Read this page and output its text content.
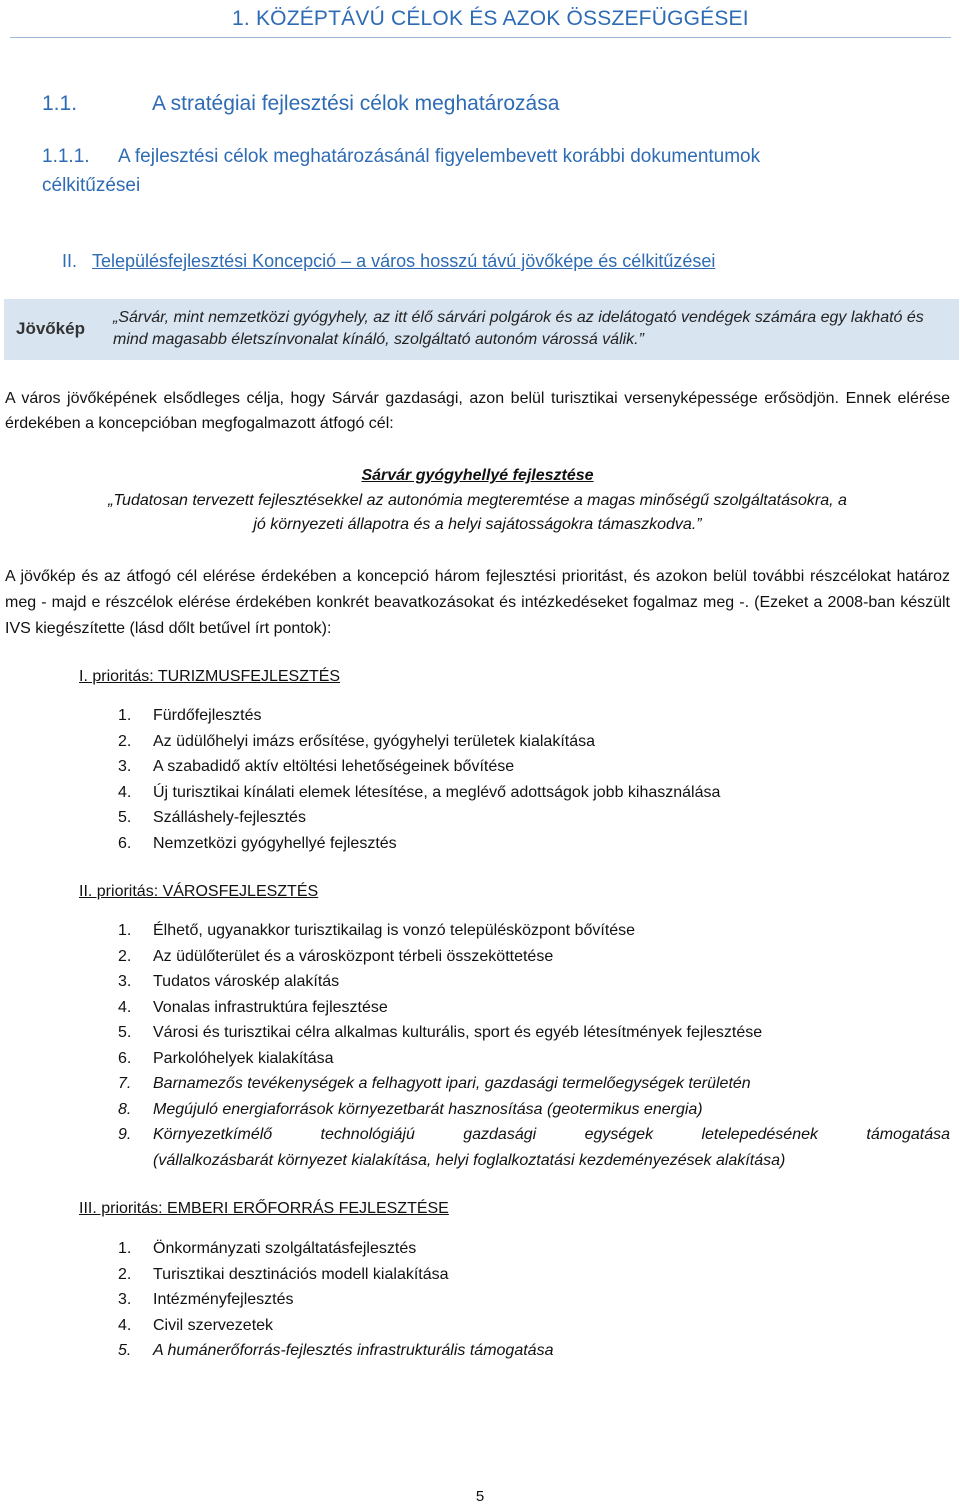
1. KÖZÉPTÁVÚ CÉLOK ÉS AZOK ÖSSZEFÜGGÉSEI
1.1.	A stratégiai fejlesztési célok meghatározása
1.1.1. A fejlesztési célok meghatározásánál figyelembevett korábbi dokumentumok
célkitűzései
II. Településfejlesztési Koncepció – a város hosszú távú jövőképe és célkitűzései
Jövőkép
„Sárvár, mint nemzetközi gyógyhely, az itt élő sárvári polgárok és az idelátogató vendégek számára egy lakható és mind magasabb életszínvonalat kínáló, szolgáltató autonóm várossá válik.”
A város jövőképének elsődleges célja, hogy Sárvár gazdasági, azon belül turisztikai versenyképessége erősödjön. Ennek elérése érdekében a koncepcióban megfogalmazott átfogó cél:
Sárvár gyógyhellyé fejlesztése
„Tudatosan tervezett fejlesztésekkel az autonómia megteremtése a magas minőségű szolgáltatásokra, a
jó környezeti állapotra és a helyi sajátosságokra támaszkodva.”
A jövőkép és az átfogó cél elérése érdekében a koncepció három fejlesztési prioritást, és azokon belül további részcélokat határoz meg - majd e részcélok elérése érdekében konkrét beavatkozásokat és intézkedéseket fogalmaz meg -. (Ezeket a 2008-ban készült IVS kiegészítette (lásd dőlt betűvel írt pontok):
I. prioritás: TURIZMUSFEJLESZTÉS
1.	Fürdőfejlesztés
2.	Az üdülőhelyi imázs erősítése, gyógyhelyi területek kialakítása
3.	A szabadidő aktív eltöltési lehetőségeinek bővítése
4.	Új turisztikai kínálati elemek létesítése, a meglévő adottságok jobb kihasználása
5.	Szálláshely-fejlesztés
6.	Nemzetközi gyógyhellyé fejlesztés
II. prioritás: VÁROSFEJLESZTÉS
1.	Élhető, ugyanakkor turisztikailag is vonzó településközpont bővítése
2.	Az üdülőterület és a városközpont térbeli összeköttetése
3.	Tudatos városkép alakítás
4.	Vonalas infrastruktúra fejlesztése
5.	Városi és turisztikai célra alkalmas kulturális, sport és egyéb létesítmények fejlesztése
6.	Parkolóhelyek kialakítása
7.	Barnamezős tevékenységek a felhagyott ipari, gazdasági termelőegységek területén
8.	Megújuló energiaforrások környezetbarát hasznosítása (geotermikus energia)
9.	Környezetkímélő technológiájú gazdasági egységek letelepedésének támogatása
(vállalkozásbarát környezet kialakítása, helyi foglalkoztatási kezdeményezések alakítása)
III. prioritás: EMBERI ERŐFORRÁS FEJLESZTÉSE
1.	Önkormányzati szolgáltatásfejlesztés
2.	Turisztikai desztinációs modell kialakítása
3.	Intézményfejlesztés
4.	Civil szervezetek
5.	A humánerőforrás-fejlesztés infrastrukturális támogatása
5
